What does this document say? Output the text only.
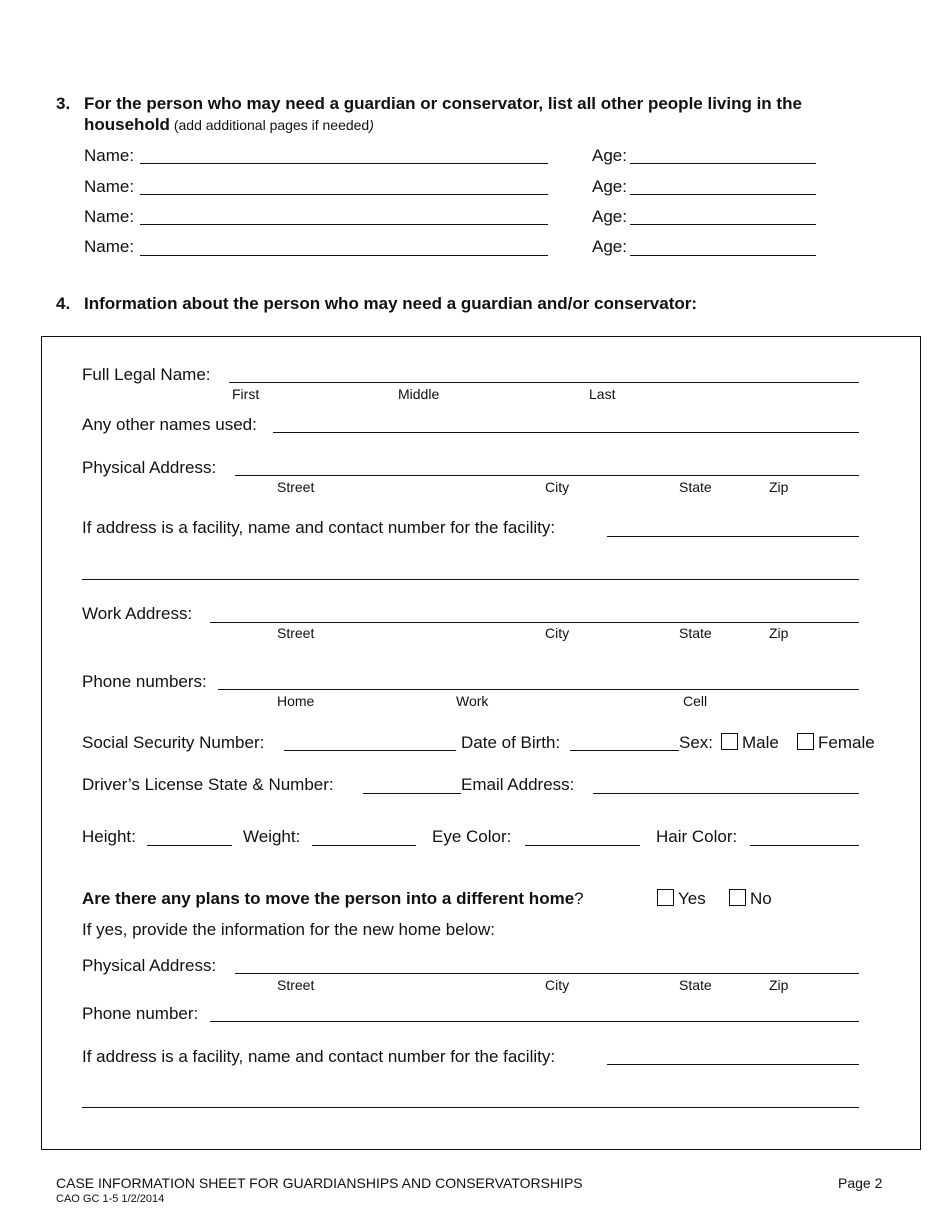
3. For the person who may need a guardian or conservator, list all other people living in the
household (add additional pages if needed)
Name:	Age:
Name:	Age:
Name:	Age:
Name:	Age:
4. Information about the person who may need a guardian and/or conservator:
Full Legal Name:
First	Middle	Last
Any other names used:
Physical Address:
Street	City	State	Zip
If address is a facility, name and contact number for the facility:
Work Address:
Street	City	State	Zip
Phone numbers:
Home	Work	Cell
Social Security Number:	Date of Birth:	Sex:	Male	Female
Driver’s License State & Number:	Email Address:
Height:	Weight:	Eye Color:	Hair Color:
Are there any plans to move the person into a different home?	Yes	No
If yes, provide the information for the new home below:
Physical Address:
Street	City	State	Zip
Phone number:
If address is a facility, name and contact number for the facility:
CASE INFORMATION SHEET FOR GUARDIANSHIPS AND CONSERVATORSHIPS
CAO GC 1-5 1/2/2014
Page 2
